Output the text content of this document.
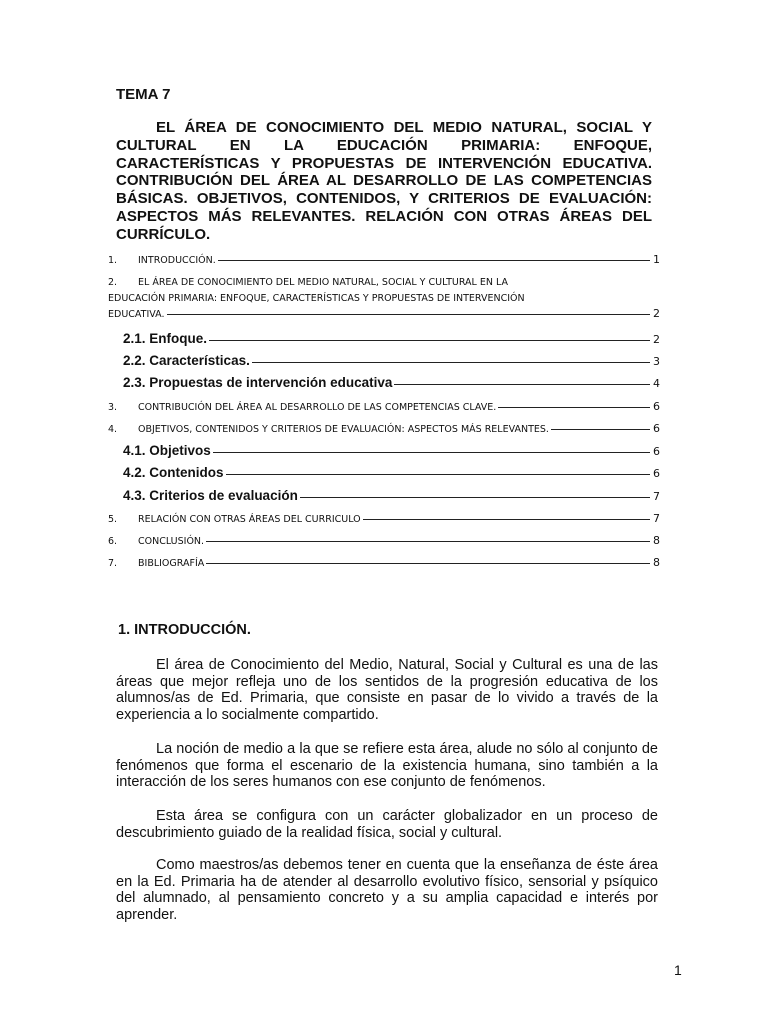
TEMA 7

EL ÁREA DE CONOCIMIENTO DEL MEDIO NATURAL, SOCIAL Y CULTURAL EN LA EDUCACIÓN PRIMARIA: ENFOQUE, CARACTERÍSTICAS Y PROPUESTAS DE INTERVENCIÓN EDUCATIVA. CONTRIBUCIÓN DEL ÁREA AL DESARROLLO DE LAS COMPETENCIAS BÁSICAS. OBJETIVOS, CONTENIDOS, Y CRITERIOS DE EVALUACIÓN: ASPECTOS MÁS RELEVANTES. RELACIÓN CON OTRAS ÁREAS DEL CURRÍCULO.

1.	INTRODUCCIÓN.	1
2.	EL ÁREA DE CONOCIMIENTO DEL MEDIO NATURAL, SOCIAL Y CULTURAL EN LA
EDUCACIÓN PRIMARIA: ENFOQUE, CARACTERÍSTICAS Y PROPUESTAS DE INTERVENCIÓN
EDUCATIVA.	2
2.1. Enfoque.	2
2.2. Características.	3
2.3. Propuestas de intervención educativa	4
3.	CONTRIBUCIÓN DEL ÁREA AL DESARROLLO DE LAS COMPETENCIAS CLAVE.	6
4.	OBJETIVOS, CONTENIDOS Y CRITERIOS DE EVALUACIÓN: ASPECTOS MÁS RELEVANTES.	6
4.1. Objetivos	6
4.2. Contenidos	6
4.3. Criterios de evaluación	7
5.	RELACIÓN CON OTRAS ÁREAS DEL CURRICULO	7
6.	CONCLUSIÓN.	8
7.	BIBLIOGRAFÍA	8

1. INTRODUCCIÓN.

El área de Conocimiento del Medio, Natural, Social y Cultural es una de las áreas que mejor refleja uno de los sentidos de la progresión educativa de los alumnos/as de Ed. Primaria, que consiste en pasar de lo vivido a través de la experiencia a lo socialmente compartido.

La noción de medio a la que se refiere esta área, alude no sólo al conjunto de fenómenos que forma el escenario de la existencia humana, sino también a la interacción de los seres humanos con ese conjunto de fenómenos.

Esta área se configura con un carácter globalizador en un proceso de descubrimiento guiado de la realidad física, social y cultural.

Como maestros/as debemos tener en cuenta que la enseñanza de éste área en la Ed. Primaria ha de atender al desarrollo evolutivo físico, sensorial y psíquico del alumnado, al pensamiento concreto y a su amplia capacidad e interés por aprender.

1
